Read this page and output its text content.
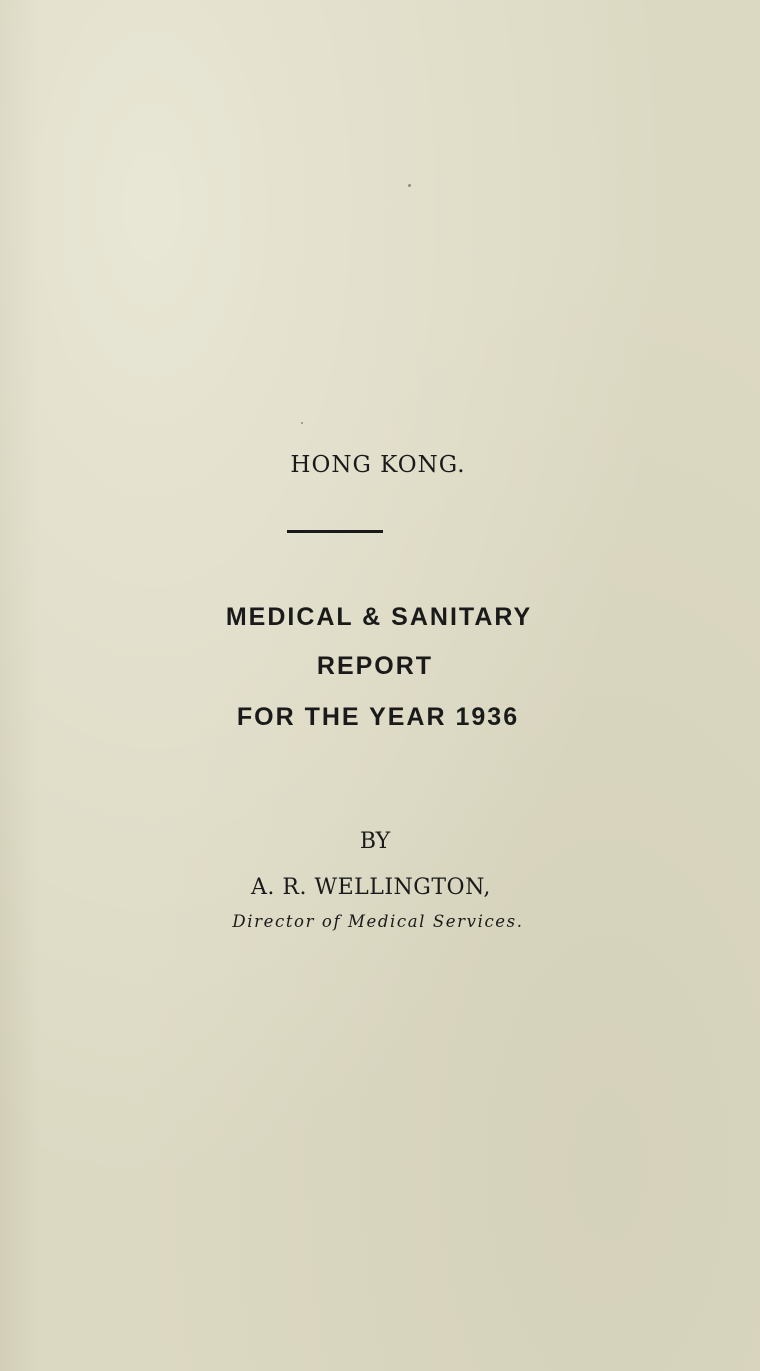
HONG KONG.
MEDICAL & SANITARY
REPORT
FOR THE YEAR 1936
BY
A. R. WELLINGTON,
Director of Medical Services.
